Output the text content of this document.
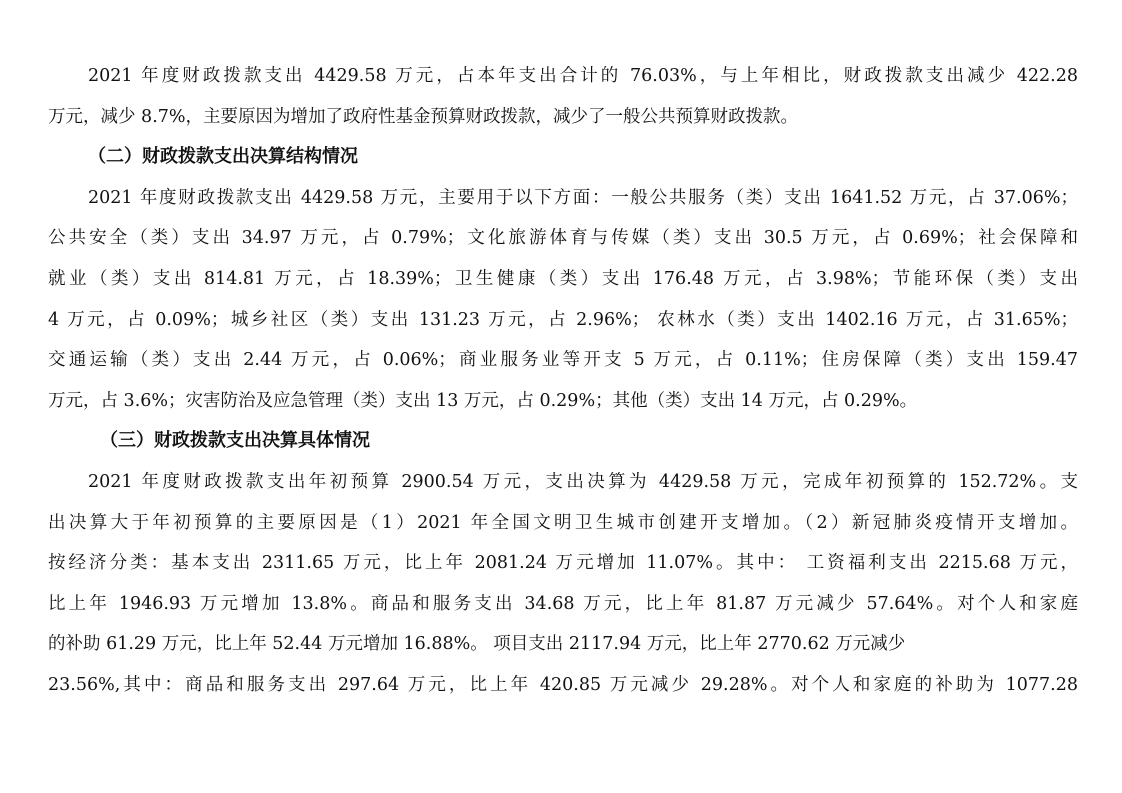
2021 年度财政拨款支出 4429.58 万元，占本年支出合计的 76.03%，与上年相比，财政拨款支出减少 422.28
万元，减少 8.7%，主要原因为增加了政府性基金预算财政拨款，减少了一般公共预算财政拨款。
（二）财政拨款支出决算结构情况
2021 年度财政拨款支出 4429.58 万元，主要用于以下方面：一般公共服务（类）支出 1641.52 万元，占 37.06%；
公共安全（类）支出 34.97 万元，占 0.79%；文化旅游体育与传媒（类）支出 30.5 万元，占 0.69%；社会保障和
就业（类）支出 814.81 万元，占 18.39%；卫生健康（类）支出 176.48 万元，占 3.98%；节能环保（类）支出
4 万元，占 0.09%；城乡社区（类）支出 131.23 万元，占 2.96%； 农林水（类）支出 1402.16 万元，占 31.65%；
交通运输（类）支出 2.44 万元，占 0.06%；商业服务业等开支 5 万元，占 0.11%；住房保障（类）支出 159.47
万元，占 3.6%；灾害防治及应急管理（类）支出 13 万元，占 0.29%；其他（类）支出 14 万元，占 0.29%。
（三）财政拨款支出决算具体情况
2021 年度财政拨款支出年初预算 2900.54 万元，支出决算为 4429.58 万元，完成年初预算的 152.72%。支
出决算大于年初预算的主要原因是（1）2021 年全国文明卫生城市创建开支增加。（2）新冠肺炎疫情开支增加。
按经济分类：基本支出 2311.65 万元，比上年 2081.24 万元增加 11.07%。其中： 工资福利支出 2215.68 万元，
比上年 1946.93 万元增加 13.8%。商品和服务支出 34.68 万元，比上年 81.87 万元减少 57.64%。对个人和家庭
的补助 61.29 万元，比上年 52.44 万元增加 16.88%。 项目支出 2117.94 万元，比上年 2770.62 万元减少
23.56%,其中：商品和服务支出 297.64 万元，比上年 420.85 万元减少 29.28%。对个人和家庭的补助为 1077.28
